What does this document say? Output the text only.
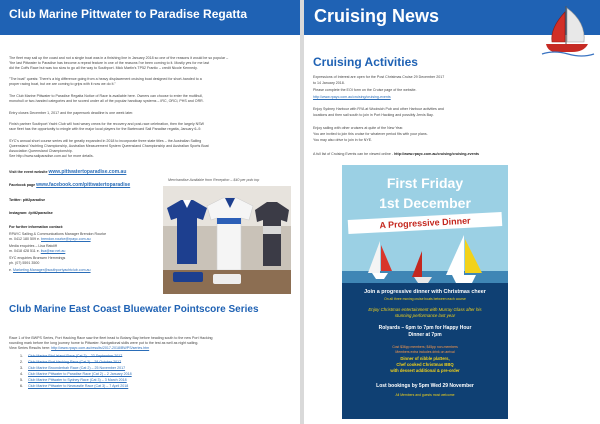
Club Marine Pittwater to Paradise Regatta
The fleet may sail up the coast and not a single boat was in a finishing line in January 2018 so one of the reasons it would be so popular –
"the last Pittwater to Paradise has become a repeat feature in one of the reasons I've been coming to it. Mostly yes for me last
did the Coffs Race but was too slow to go all the way to Southport. Mick Martin's TP52 Frantic – credit Nicole Kennedy.
"The boat" quests: There's a big difference going from a heavy displacement cruising boat designed for short-handed to a
proper racing boat, but we are coming to grips with it now we do it."
The Club Marine Pittwater to Paradise Regatta Notice of Race is available here. Owners can choose to enter the multihull,
monohull or two-handed categories and be scored under all of the popular handicap systems – IRC, ORCi, PHS and ORR.
Entry closes December 1, 2017 and the paperwork deadline is one week later.
Finish partner Southport Yacht Club will host weary crews for the recovery and post-race celebration, then the largely NSW
race fleet has the opportunity to mingle with the major local players for the Bartercard Sail Paradise regatta, January 6–9.
SYC's annual short course series will be greatly expanded in 2018 to incorporate three state titles – the Australian Sailing
Queensland Yachting Championship, Australian Measurement System Queensland Championship and Australian Sports Boat
Association Queensland Championship.
See http://www.sailparadise.com.au/ for more details.
Visit the event website www.pittwatertoparadise.com.au
Facebook page www.facebook.com/pittwatertoparadise
Twitter: pitt2paradise
Instagram: #pitt2paradise
For further information contact:
RPAYC Sailing & Communications Manager Brendon Rourke
m. 0412 180 509 e. brendon.rourke@rpayc.com.au
Media enquiries – Lisa Ratcliff
m. 0418 428 511 e. lisa@ssr.net.au
SYC enquiries Bronwen Hemmings
ph. (07) 5591 3500
e. Marketing.Manager@southportyachtclub.com.au
Merchandise Available from Reception – $40 per polo top
Club Marine East Coast Bluewater Pointscore Series
Race 1 of the BWPS Series, Port Hacking Race saw the fleet head to Botany Bay before heading south to the new Port Hacking
rounding mark before the long journey home to Pittwater. Navigational skills were put to the test as well as night sailing.
View Series Results here: http://www.rpayc.com.au/results/2017-2018/BWPS/series.htm
1. Club Marine Bird Island Race (Cat 3) – 23 September 2017
2. Club Marine Port Hacking Race (Cat 3) – 28 October 2017
3. Club Marine Broonderbah Race (Cat 2) – 25 November 2017
4. Club Marine Pittwater to Paradise Race (Cat 2) – 2 January 2018
5. Club Marine Pittwater to Sydney Race (Cat 3) – 3 March 2018
6. Club Marine Pittwater to Newcastle Race (Cat 3) – 7 April 2018
Cruising News
Cruising Activities
Expressions of Interest are open for the Post Christmas Cruise 29 December 2017
to 14 January 2018.
Please complete the EOI form on the Cruise page of the website.
http://www.rpayc.com.au/cruising/cruising-events
Enjoy Sydney Harbour with RYA at Woolwich Pub and other Harbour activities and
locations and then sail south to join in Port Hacking and possibly Jervis Bay.
Enjoy sailing with other cruisers at quite of the New Year.
You are invited to join this cruise for whatever period fits with your plans.
You may also drive to join in for NYE.
A full list of Cruising Events can be viewed online - http://www.rpayc.com.au/cruising/cruising-events
First Friday
1st December
A Progressive Dinner
Join a progressive dinner with Christmas cheer
On all three moving cruise boats between each course
Enjoy Christmas entertainment with Murray Glass after his
stunning performance last year
Rolyards – 6pm to 7pm for Happy Hour
Dinner at 7pm
Cost $36pp members; $45pp non-members
Members extra includes drink on arrival
Dinner of nibble platters,
Chef cooked Christmas BBQ
with dessert additional & pre-order
Lost bookings by 5pm Wed 29 November
All Members and guests most welcome
